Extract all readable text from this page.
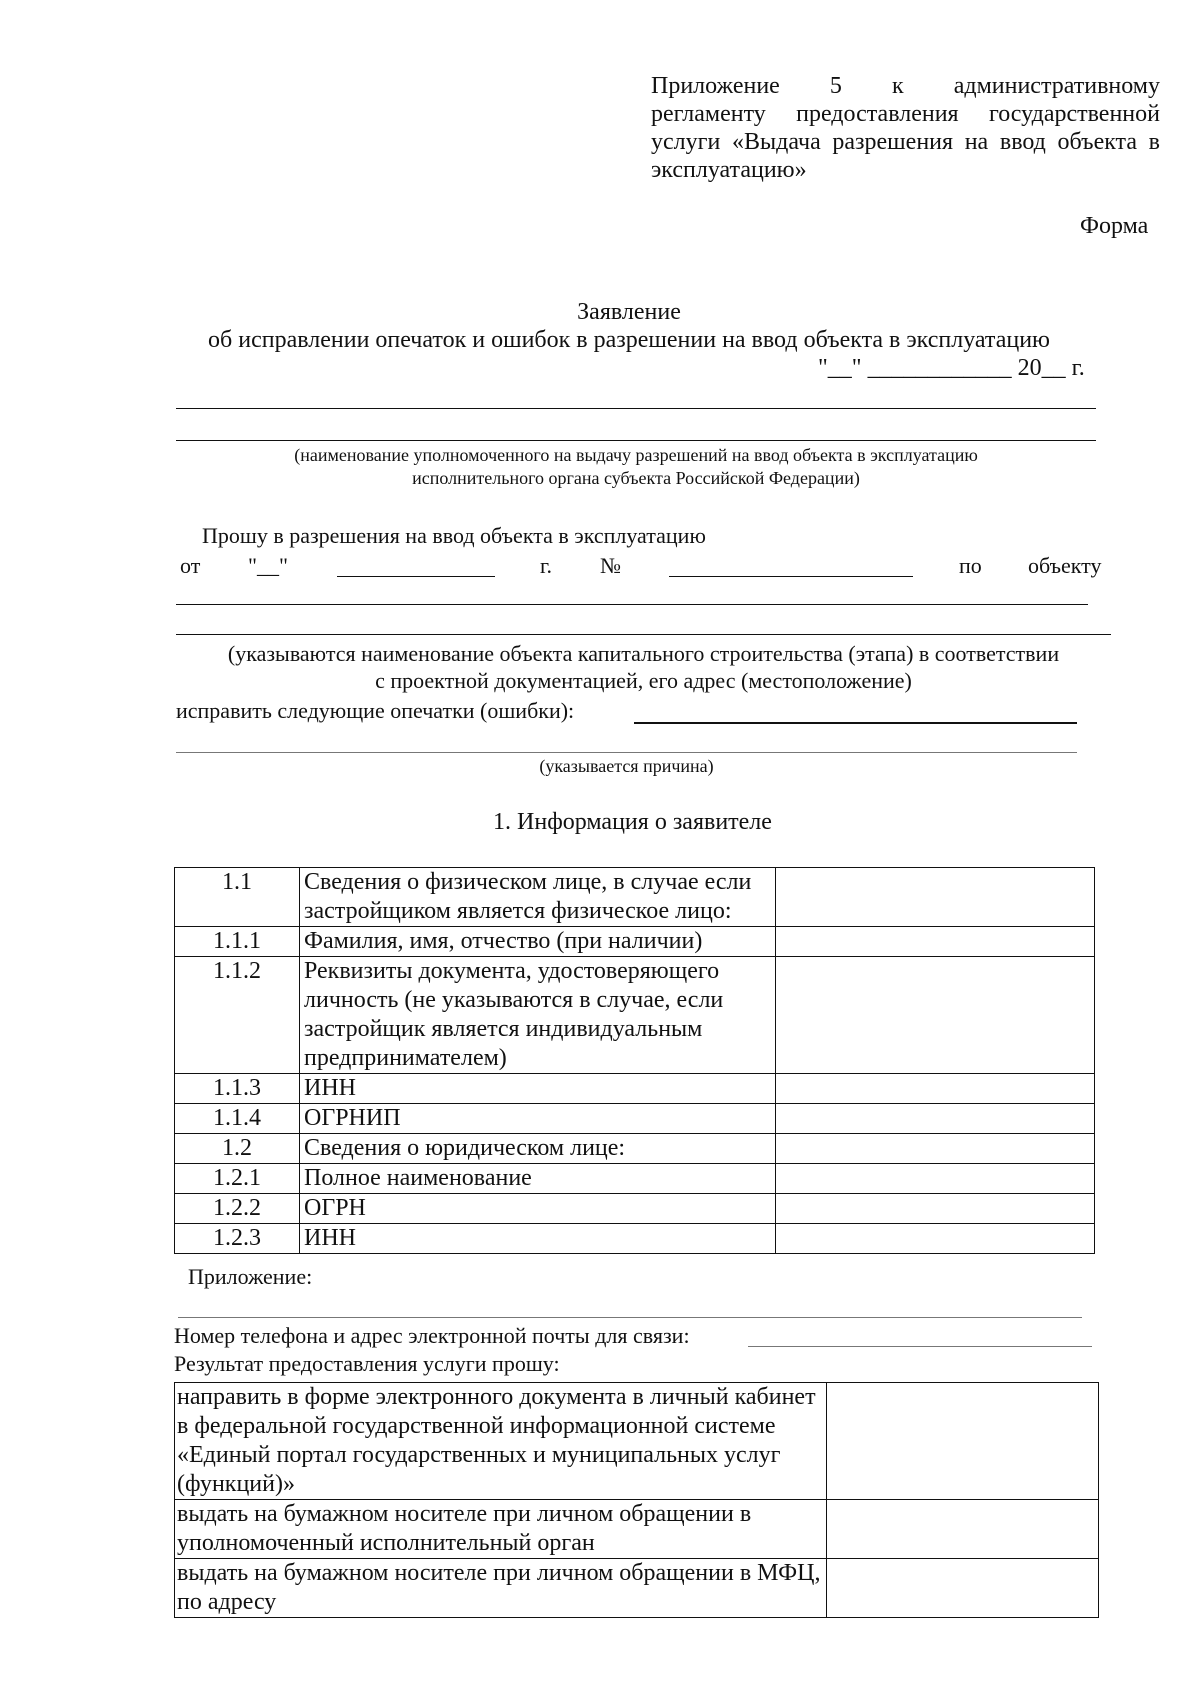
Приложение 5 к административному
регламенту предоставления государственной
услуги «Выдача разрешения на ввод объекта в
эксплуатацию»
Форма
Заявление
об исправлении опечаток и ошибок в разрешении на ввод объекта в эксплуатацию
"__" ____________ 20__ г.
(наименование уполномоченного на выдачу разрешений на ввод объекта в эксплуатацию
исполнительного органа субъекта Российской Федерации)
Прошу в разрешения на ввод объекта в эксплуатацию
от "__"	г. №	по объекту
(указываются наименование объекта капитального строительства (этапа) в соответствии
с проектной документацией, его адрес (местоположение)
исправить следующие опечатки (ошибки):
(указывается причина)
1. Информация о заявителе
1.1	Сведения о физическом лице, в случае если застройщиком является физическое лицо:	
1.1.1	Фамилия, имя, отчество (при наличии)	
1.1.2	Реквизиты документа, удостоверяющего личность (не указываются в случае, если застройщик является индивидуальным предпринимателем)	
1.1.3	ИНН	
1.1.4	ОГРНИП	
1.2	Сведения о юридическом лице:	
1.2.1	Полное наименование	
1.2.2	ОГРН	
1.2.3	ИНН	
Приложение:
Номер телефона и адрес электронной почты для связи:
Результат предоставления услуги прошу:
направить в форме электронного документа в личный кабинет в федеральной государственной информационной системе «Единый портал государственных и муниципальных услуг (функций)»	
выдать на бумажном носителе при личном обращении в уполномоченный исполнительный орган	
выдать на бумажном носителе при личном обращении в МФЦ, по адресу	
